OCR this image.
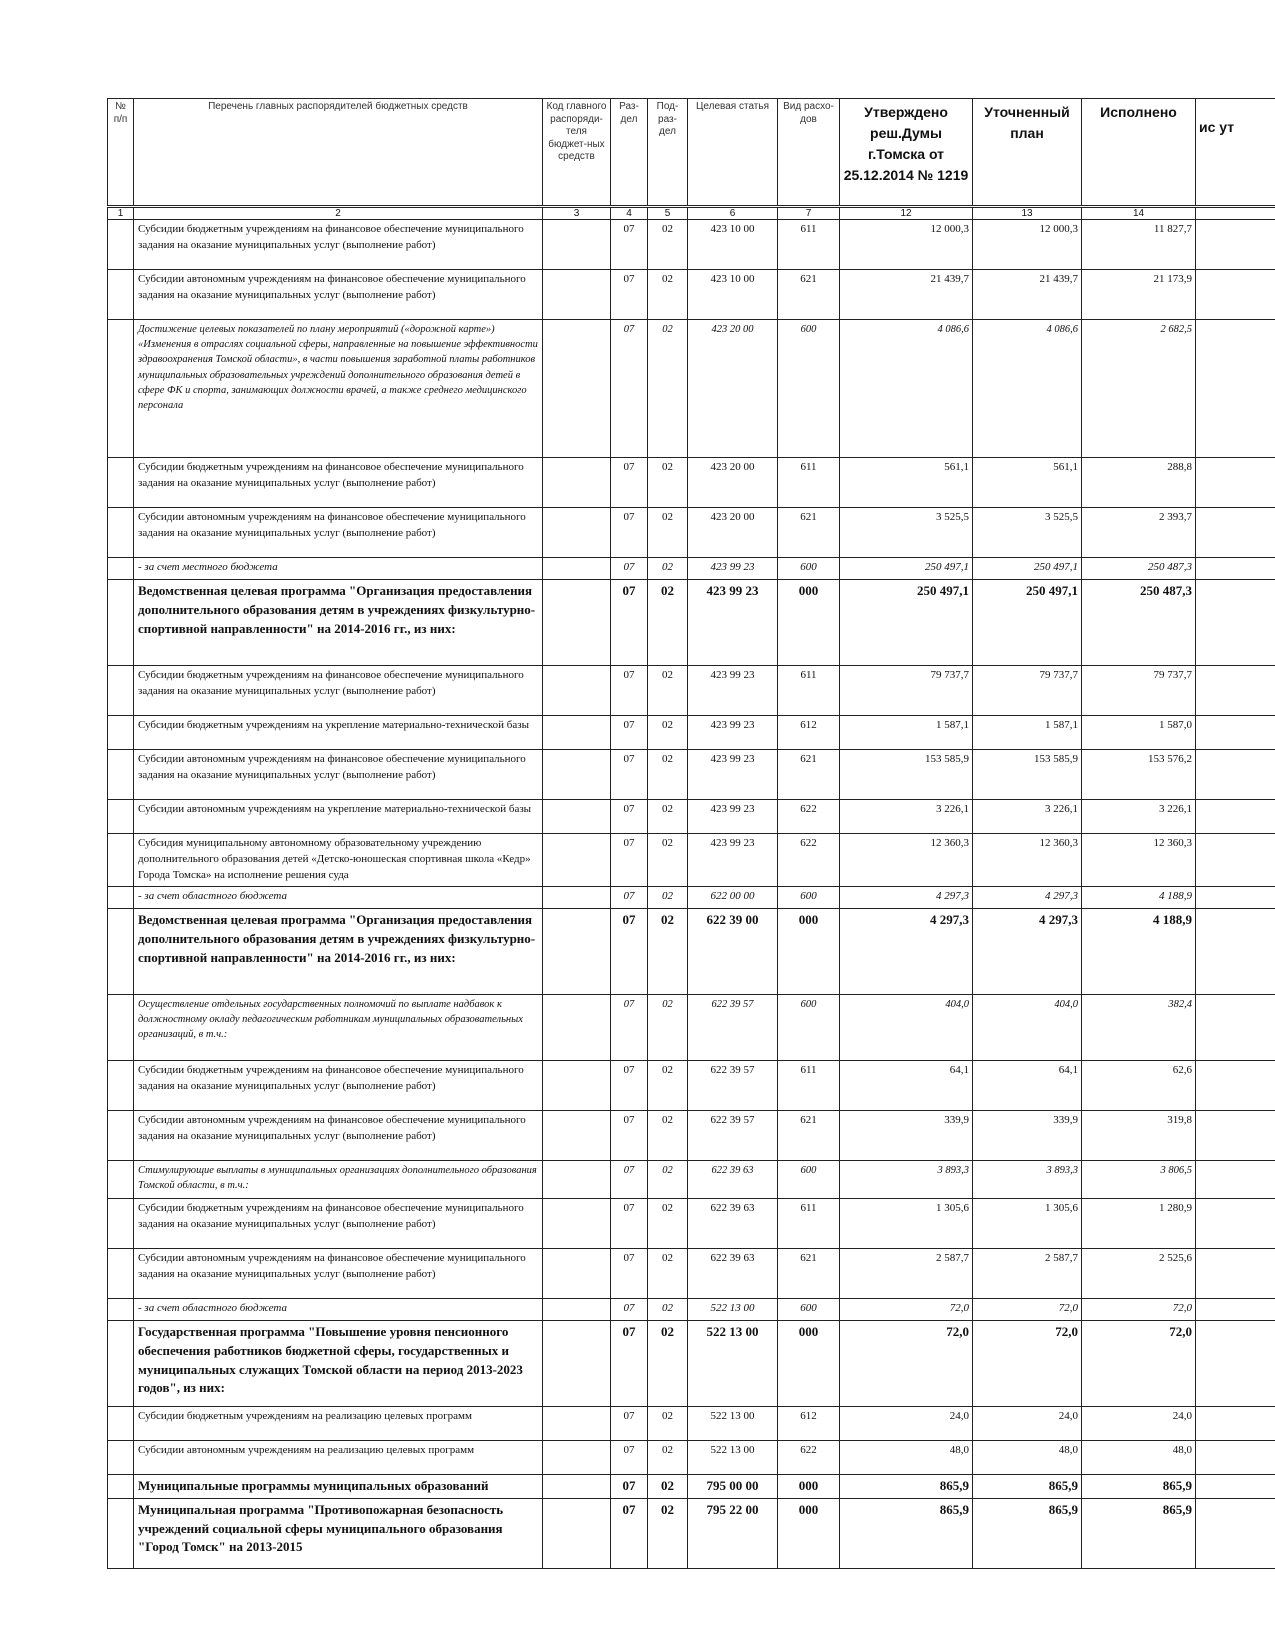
№ п/п	Перечень главных распорядителей бюджетных средств	Код главного распоряди-теля бюджет-ных средств	Раз-дел	Под-раз-дел	Целевая статья	Вид расхо-дов	Утверждено реш.Думы г.Томска от 25.12.2014 № 1219	Уточненный план	Исполнено	ис ут
1	2	3	4	5	6	7	12	13	14	
	Субсидии бюджетным учреждениям на финансовое обеспечение муниципального задания на оказание муниципальных услуг (выполнение работ)		07	02	423 10 00	611	12 000,3	12 000,3	11 827,7	
	Субсидии автономным учреждениям на финансовое обеспечение муниципального задания на оказание муниципальных услуг (выполнение работ)		07	02	423 10 00	621	21 439,7	21 439,7	21 173,9	
	Достижение целевых показателей по плану мероприятий («дорожной карте») «Изменения в отраслях социальной сферы, направленные на повышение эффективности здравоохранения Томской области», в части повышения заработной платы работников муниципальных образовательных учреждений дополнительного образования детей в сфере ФК и спорта, занимающих должности врачей, а также среднего медицинского персонала		07	02	423 20 00	600	4 086,6	4 086,6	2 682,5	
	Субсидии бюджетным учреждениям на финансовое обеспечение муниципального задания на оказание муниципальных услуг (выполнение работ)		07	02	423 20 00	611	561,1	561,1	288,8	
	Субсидии автономным учреждениям на финансовое обеспечение муниципального задания на оказание муниципальных услуг (выполнение работ)		07	02	423 20 00	621	3 525,5	3 525,5	2 393,7	
	- за счет местного бюджета		07	02	423 99 23	600	250 497,1	250 497,1	250 487,3	
	Ведомственная целевая программа "Организация предоставления дополнительного образования детям в учреждениях физкультурно-спортивной направленности" на 2014-2016 гг., из них:		07	02	423 99 23	000	250 497,1	250 497,1	250 487,3	
	Субсидии бюджетным учреждениям на финансовое обеспечение муниципального задания на оказание муниципальных услуг (выполнение работ)		07	02	423 99 23	611	79 737,7	79 737,7	79 737,7	
	Субсидии бюджетным учреждениям на укрепление материально-технической базы		07	02	423 99 23	612	1 587,1	1 587,1	1 587,0	
	Субсидии автономным учреждениям на финансовое обеспечение муниципального задания на оказание муниципальных услуг (выполнение работ)		07	02	423 99 23	621	153 585,9	153 585,9	153 576,2	
	Субсидии автономным учреждениям на укрепление материально-технической базы		07	02	423 99 23	622	3 226,1	3 226,1	3 226,1	
	Субсидия муниципальному автономному образовательному учреждению дополнительного образования детей «Детско-юношеская спортивная школа «Кедр» Города Томска» на исполнение решения суда		07	02	423 99 23	622	12 360,3	12 360,3	12 360,3	
	- за счет областного бюджета		07	02	622 00 00	600	4 297,3	4 297,3	4 188,9	
	Ведомственная целевая программа "Организация предоставления дополнительного образования детям в учреждениях физкультурно-спортивной направленности" на 2014-2016 гг., из них:		07	02	622 39 00	000	4 297,3	4 297,3	4 188,9	
	Осуществление отдельных государственных полномочий по выплате надбавок к должностному окладу педагогическим работникам муниципальных образовательных организаций, в т.ч.:		07	02	622 39 57	600	404,0	404,0	382,4	
	Субсидии бюджетным учреждениям на финансовое обеспечение муниципального задания на оказание муниципальных услуг (выполнение работ)		07	02	622 39 57	611	64,1	64,1	62,6	
	Субсидии автономным учреждениям на финансовое обеспечение муниципального задания на оказание муниципальных услуг (выполнение работ)		07	02	622 39 57	621	339,9	339,9	319,8	
	Стимулирующие выплаты в муниципальных организациях дополнительного образования Томской области, в т.ч.:		07	02	622 39 63	600	3 893,3	3 893,3	3 806,5	
	Субсидии бюджетным учреждениям на финансовое обеспечение муниципального задания на оказание муниципальных услуг (выполнение работ)		07	02	622 39 63	611	1 305,6	1 305,6	1 280,9	
	Субсидии автономным учреждениям на финансовое обеспечение муниципального задания на оказание муниципальных услуг (выполнение работ)		07	02	622 39 63	621	2 587,7	2 587,7	2 525,6	
	- за счет областного бюджета		07	02	522 13 00	600	72,0	72,0	72,0	
	Государственная программа "Повышение уровня пенсионного обеспечения работников бюджетной сферы, государственных и муниципальных служащих Томской области на период 2013-2023 годов", из них:		07	02	522 13 00	000	72,0	72,0	72,0	
	Субсидии бюджетным учреждениям на реализацию целевых программ		07	02	522 13 00	612	24,0	24,0	24,0	
	Субсидии автономным учреждениям на реализацию целевых программ		07	02	522 13 00	622	48,0	48,0	48,0	
	Муниципальные программы муниципальных образований		07	02	795 00 00	000	865,9	865,9	865,9	
	Муниципальная программа "Противопожарная безопасность учреждений социальной сферы муниципального образования "Город Томск" на 2013-2015		07	02	795 22 00	000	865,9	865,9	865,9	
